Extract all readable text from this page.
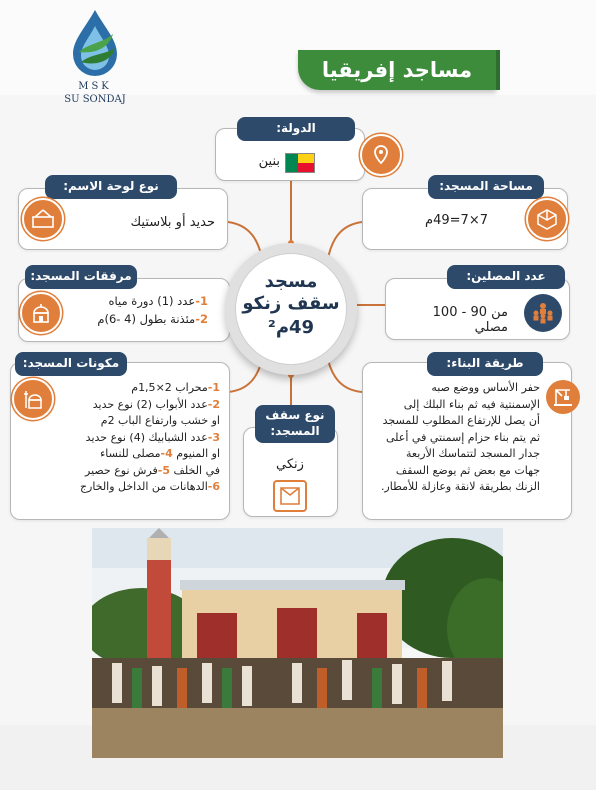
MSK
SU SONDAJ
مساجد إفريقيا
الدولة:
بنين
مساحة المسجد:
7×7=49م
نوع لوحة الاسم:
حديد أو بلاستيك
عدد المصلين:
من 90 - 100 مصلي
مرفقات المسجد:
1-عدد (1) دورة مياه
2-مئذنة بطول (4 -6)م
مسجد
سقف زنكو
49م²
مكونات المسجد:
1-محراب 2×1,5م
2-عدد الأبواب (2) نوع حديد
او خشب وارتفاع الباب 2م
3-عدد الشبابيك (4) نوع حديد
او المنيوم 4-مصلى للنساء
في الخلف 5-فرش نوع حصير
6-الدهانات من الداخل والخارج
نوع سقف المسجد:
زنكي
طريقة البناء:
حفر الأساس ووضع صبه
الإسمنتية فيه ثم بناء البلك إلى
أن يصل للإرتفاع المطلوب للمسجد
ثم يتم بناء حزام إسمنتي في أعلى
جدار المسجد لتتماسك الأربعة
جهات مع بعض ثم يوضع السقف
الزنك بطريقة لانقة وعازلة للأمطار.
